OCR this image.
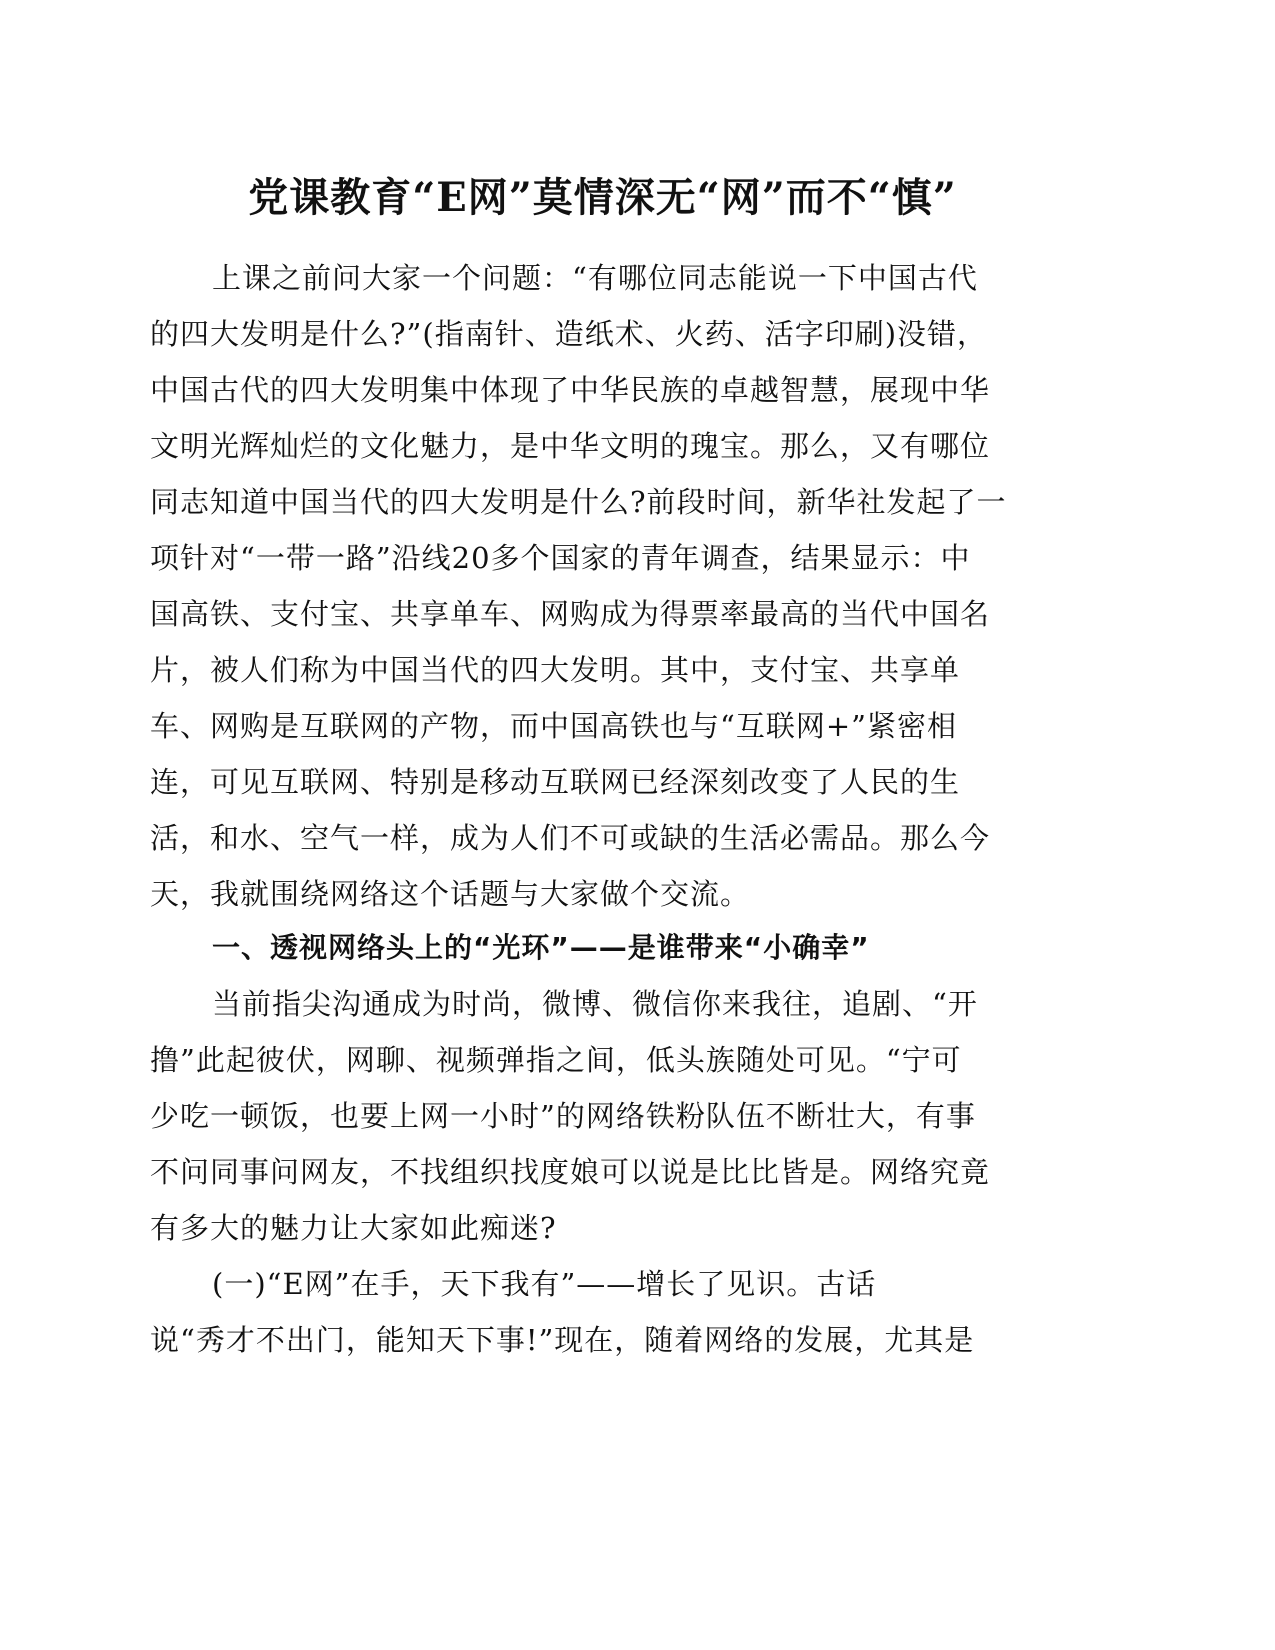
党课教育“E网”莫情深无“网”而不“慎”
上课之前问大家一个问题：“有哪位同志能说一下中国古代
的四大发明是什么?”(指南针、造纸术、火药、活字印刷)没错，
中国古代的四大发明集中体现了中华民族的卓越智慧，展现中华
文明光辉灿烂的文化魅力，是中华文明的瑰宝。那么，又有哪位
同志知道中国当代的四大发明是什么?前段时间，新华社发起了一
项针对“一带一路”沿线20多个国家的青年调查，结果显示：中
国高铁、支付宝、共享单车、网购成为得票率最高的当代中国名
片，被人们称为中国当代的四大发明。其中，支付宝、共享单
车、网购是互联网的产物，而中国高铁也与“互联网+”紧密相
连，可见互联网、特别是移动互联网已经深刻改变了人民的生
活，和水、空气一样，成为人们不可或缺的生活必需品。那么今
天，我就围绕网络这个话题与大家做个交流。
一、透视网络头上的“光环”——是谁带来“小确幸”
当前指尖沟通成为时尚，微博、微信你来我往，追剧、“开
撸”此起彼伏，网聊、视频弹指之间，低头族随处可见。“宁可
少吃一顿饭，也要上网一小时”的网络铁粉队伍不断壮大，有事
不问同事问网友，不找组织找度娘可以说是比比皆是。网络究竟
有多大的魅力让大家如此痴迷?
(一)“E网”在手，天下我有”——增长了见识。古话
说“秀才不出门，能知天下事!”现在，随着网络的发展，尤其是
